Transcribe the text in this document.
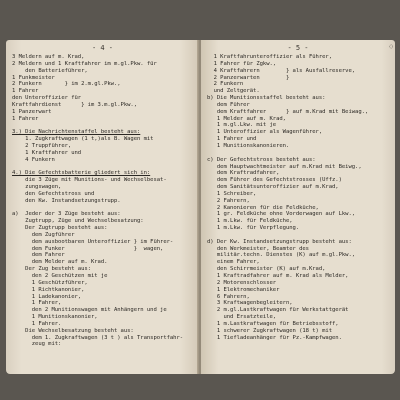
- 4 -
3 Meldern auf m. Krad,
2 Meldern und 1 Kraftfahrer im m.gl.Pkw. für
den Batterieführer,
1 Funkmeister
2 Funkern       } im 2.m.gl.Pkw.,
1 Fahrer
den Unteroffizier für
Kraftfahrdienst      } im 3.m.gl.Pkw.,
1 Panzerwart
1 Fahrer
3.) Die Nachrichtenstaffel besteht aus:
1. Zugkraftwagen (1 t,)als B. Wagen mit
2 Truppführer,
1 Kraftfahrer und
4 Funkern
4.) Die Gefechtsbatterie gliedert sich in:
die 3 Züge mit Munitions- und Wechselbesat-
zungswagen,
den Gefechtstross und
den Kw. Instandsetzungstrupp.
a)  Jeder der 3 Züge besteht aus:
Zugtrupp, Züge und Wechselbesatzung:
Der Zugtrupp besteht aus:
dem Zugführer
dem ausbootbaren Unteroffizier } im Führer-
dem Funker                     }  wagen,
dem Fahrer
dem Melder auf m. Krad.
Der Zug besteht aus:
den 2 Geschützen mit je
1 Geschützführer,
1 Richtkanonier,
1 Ladekanonier,
1 Fahrer,
den 2 Munitionswagen mit Anhängern und je
1 Munitionskanonier,
1 Fahrer.
Die Wechselbesatzung besteht aus:
dem 1. Zugkraftwagen (3 t ) als Transportfahr-
zeug mit:
◌
- 5 -
1 Kraftfahrunteroffizier als Führer,
1 Fahrer für Zgkw.,
4 Kraftfahrern        } als Ausfallreserve,
2 Panzerwarten        }
2 Funkern
und Zeltgerät.
b) Die Munitionsstaffel besteht aus:
dem Führer
dem Kraftfahrer      } auf m.Krad mit Beiwag.,
1 Melder auf m. Krad,
1 m.gl.Lkw. mit je
1 Unteroffizier als Wagenführer,
1 Fahrer und
1 Munitionskanonieren.
c) Der Gefechtstross besteht aus:
dem Hauptwachtmeister auf m.Krad mit Beiwg.,
dem Kraftradfahrer,
dem Führer des Gefechtstrosses (Uffz.)
dem Sanitätsunteroffizier auf m.Krad,
1 Schreiber,
2 Fahrern,
2 Kanonieren für die Feldküche,
1 gr. Feldküche ohne Vorderwagen auf Lkw.,
1 m.Lkw. für Feldküche,
1 m.Lkw. für Verpflegung.
d) Der Kw. Instandsetzungstrupp besteht aus:
den Werkmeister, Beamter des
militär.techn. Dienstes (K) auf m.gl.Pkw.,
einem Fahrer,
den Schirrmeister (K) auf m.Krad,
1 Kraftradfahrer auf m. Krad als Melder,
2 Motorenschlosser
1 Elektromechaniker
6 Fahrern,
3 Kraftwagenbegleitern,
2 m.gl.Lastkraftwagen für Werkstattgerät
und Ersatzteile,
1 m.Lastkraftwagen für Betriebsstoff,
1 schwerer Zugkraftwagen (18 t) mit
1 Tiefladeanhänger für Pz.-Kampfwagen.
